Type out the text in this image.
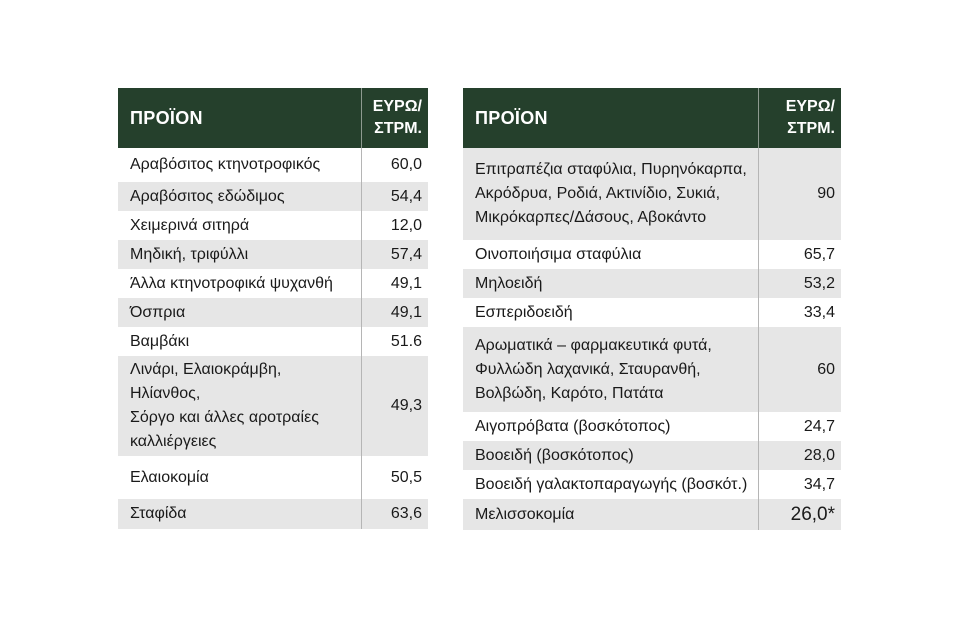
ΠΡΟΪΟΝ	ΕΥΡΩ/
ΣΤΡΜ.
Αραβόσιτος κτηνοτροφικός	60,0
Αραβόσιτος εδώδιμος	54,4
Χειμερινά σιτηρά	12,0
Μηδική, τριφύλλι	57,4
Άλλα κτηνοτροφικά ψυχανθή	49,1
Όσπρια	49,1
Βαμβάκι	51.6
Λινάρι, Ελαιοκράμβη, Ηλίανθος,
Σόργο και άλλες αροτραίες
καλλιέργειες	49,3
Ελαιοκομία	50,5
Σταφίδα	63,6
ΠΡΟΪΟΝ	ΕΥΡΩ/
ΣΤΡΜ.
Επιτραπέζια σταφύλια, Πυρηνόκαρπα,
Ακρόδρυα, Ροδιά, Ακτινίδιο, Συκιά,
Μικρόκαρπες/Δάσους, Αβοκάντο	90
Οινοποιήσιμα σταφύλια	65,7
Μηλοειδή	53,2
Εσπεριδοειδή	33,4
Αρωματικά – φαρμακευτικά φυτά,
Φυλλώδη λαχανικά, Σταυρανθή,
Βολβώδη, Καρότο, Πατάτα	60
Αιγοπρόβατα (βοσκότοπος)	24,7
Βοοειδή (βοσκότοπος)	28,0
Βοοειδή γαλακτοπαραγωγής (βοσκότ.)	34,7
Μελισσοκομία	26,0*
